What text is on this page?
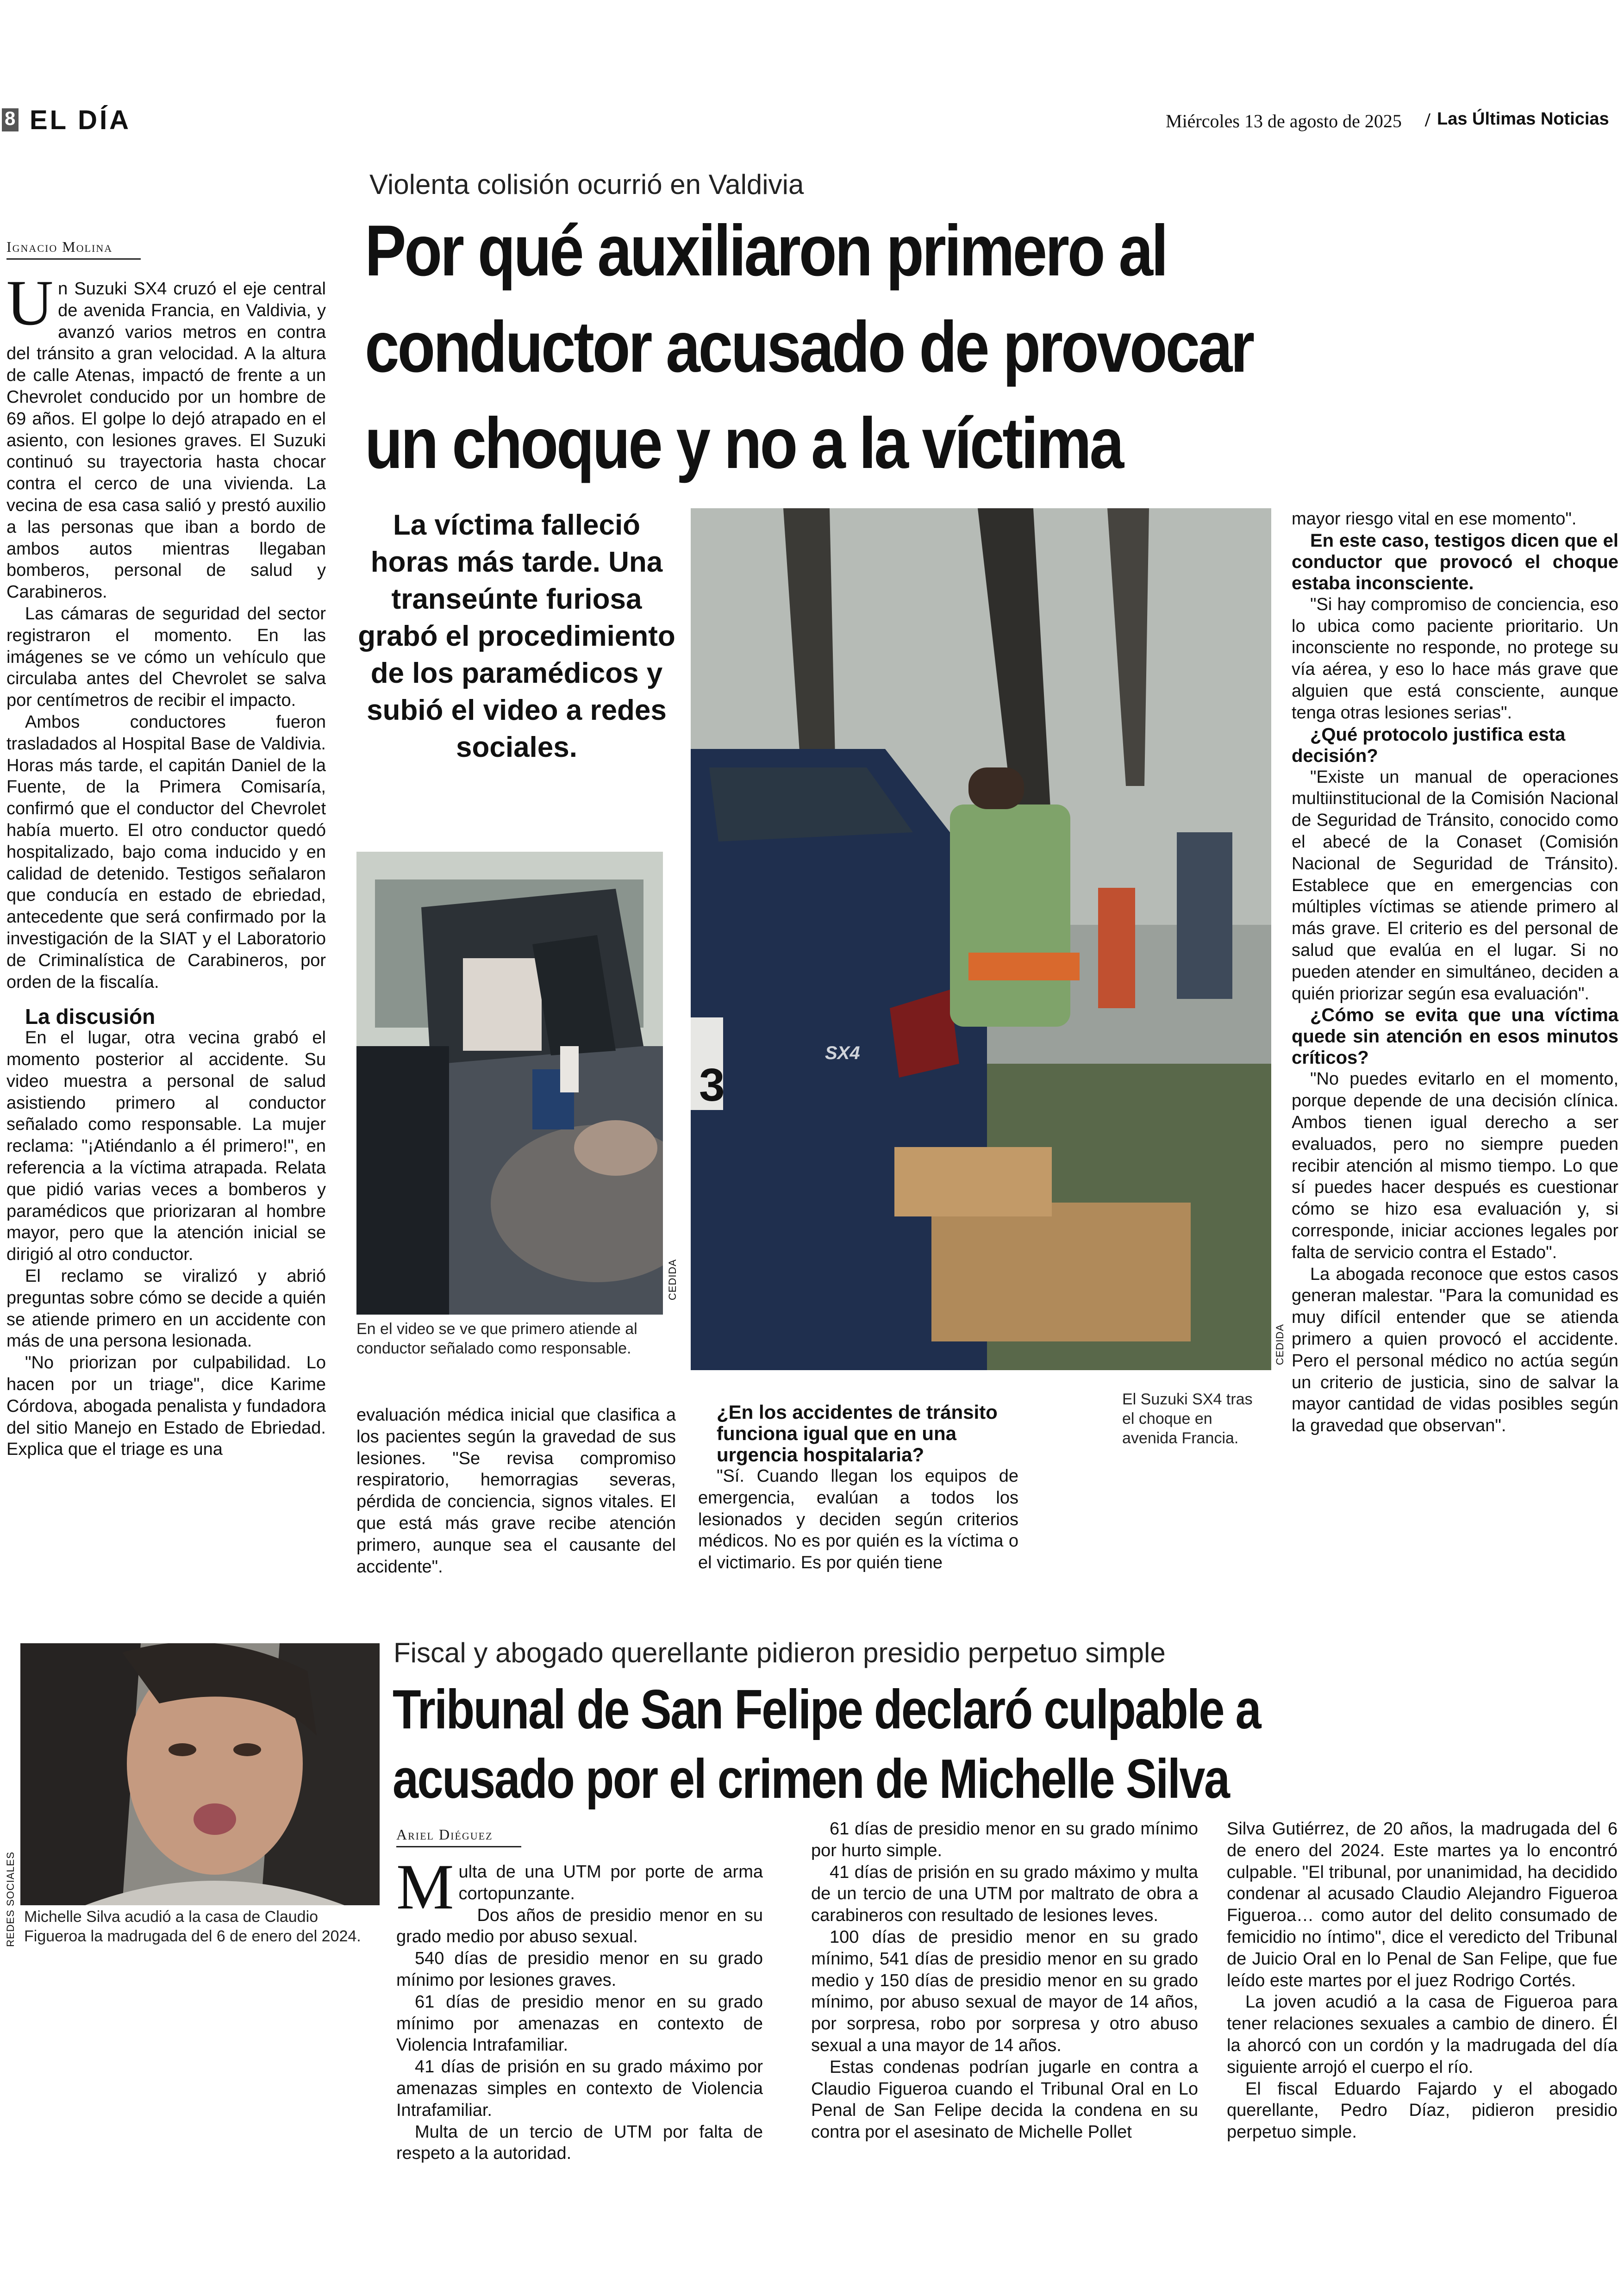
8 EL DÍA	Miércoles 13 de agosto de 2025 / Las Últimas Noticias
Violenta colisión ocurrió en Valdivia
Por qué auxiliaron primero al
conductor acusado de provocar
un choque y no a la víctima
Ignacio Molina
U n Suzuki SX4 cruzó el eje central de avenida Francia, en Valdivia, y avanzó varios metros en contra del tránsito a gran velocidad. A la altura de calle Atenas, impactó de frente a un Chevrolet conducido por un hombre de 69 años. El golpe lo dejó atrapado en el asiento, con lesiones graves. El Suzuki continuó su trayectoria hasta chocar contra el cerco de una vivienda. La vecina de esa casa salió y prestó auxilio a las personas que iban a bordo de ambos autos mientras llegaban bomberos, personal de salud y Carabineros.
Las cámaras de seguridad del sector registraron el momento. En las imágenes se ve cómo un vehículo que circulaba antes del Chevrolet se salva por centímetros de recibir el impacto.
Ambos conductores fueron trasladados al Hospital Base de Valdivia. Horas más tarde, el capitán Daniel de la Fuente, de la Primera Comisaría, confirmó que el conductor del Chevrolet había muerto. El otro conductor quedó hospitalizado, bajo coma inducido y en calidad de detenido. Testigos señalaron que conducía en estado de ebriedad, antecedente que será confirmado por la investigación de la SIAT y el Laboratorio de Criminalística de Carabineros, por orden de la fiscalía.
La discusión
En el lugar, otra vecina grabó el momento posterior al accidente. Su video muestra a personal de salud asistiendo primero al conductor señalado como responsable. La mujer reclama: "¡Atiéndanlo a él primero!", en referencia a la víctima atrapada. Relata que pidió varias veces a bomberos y paramédicos que priorizaran al hombre mayor, pero que la atención inicial se dirigió al otro conductor.
El reclamo se viralizó y abrió preguntas sobre cómo se decide a quién se atiende primero en un accidente con más de una persona lesionada.
"No priorizan por culpabilidad. Lo hacen por un triage", dice Karime Córdova, abogada penalista y fundadora del sitio Manejo en Estado de Ebriedad. Explica que el triage es una
La víctima falleció horas más tarde. Una transeúnte furiosa grabó el procedimiento de los paramédicos y subió el video a redes sociales.
CEDIDA
En el video se ve que primero atiende al conductor señalado como responsable.
evaluación médica inicial que clasifica a los pacientes según la gravedad de sus lesiones. "Se revisa compromiso respiratorio, hemorragias severas, pérdida de conciencia, signos vitales. El que está más grave recibe atención primero, aunque sea el causante del accidente".
3
SX4
CEDIDA
El Suzuki SX4 tras el choque en avenida Francia.
¿En los accidentes de tránsito funciona igual que en una urgencia hospitalaria?
"Sí. Cuando llegan los equipos de emergencia, evalúan a todos los lesionados y deciden según criterios médicos. No es por quién es la víctima o el victimario. Es por quién tiene
mayor riesgo vital en ese momento".
En este caso, testigos dicen que el conductor que provocó el choque estaba inconsciente.
"Si hay compromiso de conciencia, eso lo ubica como paciente prioritario. Un inconsciente no responde, no protege su vía aérea, y eso lo hace más grave que alguien que está consciente, aunque tenga otras lesiones serias".
¿Qué protocolo justifica esta decisión?
"Existe un manual de operaciones multiinstitucional de la Comisión Nacional de Seguridad de Tránsito, conocido como el abecé de la Conaset (Comisión Nacional de Seguridad de Tránsito). Establece que en emergencias con múltiples víctimas se atiende primero al más grave. El criterio es del personal de salud que evalúa en el lugar. Si no pueden atender en simultáneo, deciden a quién priorizar según esa evaluación".
¿Cómo se evita que una víctima quede sin atención en esos minutos críticos?
"No puedes evitarlo en el momento, porque depende de una decisión clínica. Ambos tienen igual derecho a ser evaluados, pero no siempre pueden recibir atención al mismo tiempo. Lo que sí puedes hacer después es cuestionar cómo se hizo esa evaluación y, si corresponde, iniciar acciones legales por falta de servicio contra el Estado".
La abogada reconoce que estos casos generan malestar. "Para la comunidad es muy difícil entender que se atienda primero a quien provocó el accidente. Pero el personal médico no actúa según un criterio de justicia, sino de salvar la mayor cantidad de vidas posibles según la gravedad que observan".
REDES SOCIALES Michelle Silva acudió a la casa de Claudio Figueroa la madrugada del 6 de enero del 2024.
Fiscal y abogado querellante pidieron presidio perpetuo simple
Tribunal de San Felipe declaró culpable a
acusado por el crimen de Michelle Silva
Ariel Diéguez
M ulta de una UTM por porte de arma cortopunzante.
Dos años de presidio menor en su grado medio por abuso sexual.
540 días de presidio menor en su grado mínimo por lesiones graves.
61 días de presidio menor en su grado mínimo por amenazas en contexto de Violencia Intrafamiliar.
41 días de prisión en su grado máximo por amenazas simples en contexto de Violencia Intrafamiliar.
Multa de un tercio de UTM por falta de respeto a la autoridad.
61 días de presidio menor en su grado mínimo por hurto simple.
41 días de prisión en su grado máximo y multa de un tercio de una UTM por maltrato de obra a carabineros con resultado de lesiones leves.
100 días de presidio menor en su grado mínimo, 541 días de presidio menor en su grado medio y 150 días de presidio menor en su grado mínimo, por abuso sexual de mayor de 14 años, por sorpresa, robo por sorpresa y otro abuso sexual a una mayor de 14 años.
Estas condenas podrían jugarle en contra a Claudio Figueroa cuando el Tribunal Oral en Lo Penal de San Felipe decida la condena en su contra por el asesinato de Michelle Pollet
Silva Gutiérrez, de 20 años, la madrugada del 6 de enero del 2024. Este martes ya lo encontró culpable. "El tribunal, por unanimidad, ha decidido condenar al acusado Claudio Alejandro Figueroa Figueroa… como autor del delito consumado de femicidio no íntimo", dice el veredicto del Tribunal de Juicio Oral en lo Penal de San Felipe, que fue leído este martes por el juez Rodrigo Cortés.
La joven acudió a la casa de Figueroa para tener relaciones sexuales a cambio de dinero. Él la ahorcó con un cordón y la madrugada del día siguiente arrojó el cuerpo el río.
El fiscal Eduardo Fajardo y el abogado querellante, Pedro Díaz, pidieron presidio perpetuo simple.
